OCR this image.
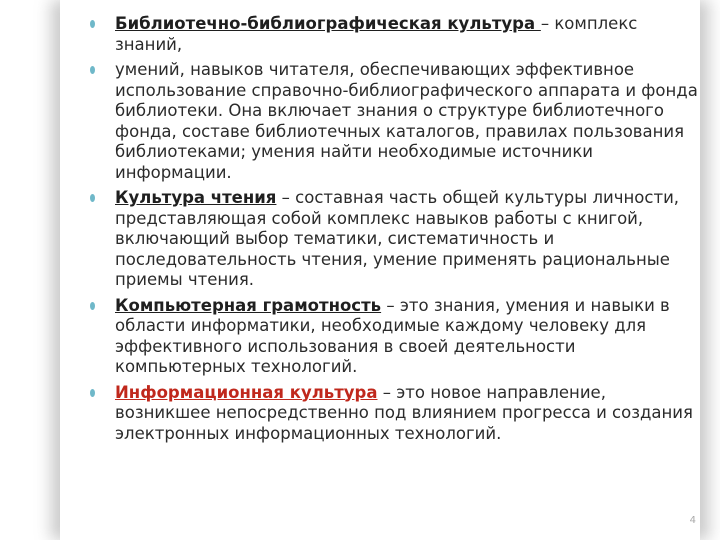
Библиотечно-библиографическая культура – комплекс знаний,
умений, навыков читателя, обеспечивающих эффективное использование справочно-библиографического аппарата и фонда библиотеки. Она включает знания о структуре библиотечного фонда, составе библиотечных каталогов, правилах пользования библиотеками; умения найти необходимые источники информации.
Культура чтения – составная часть общей культуры личности, представляющая собой комплекс навыков работы с книгой, включающий выбор тематики, систематичность и последовательность чтения, умение применять рациональные приемы чтения.
Компьютерная грамотность – это знания, умения и навыки в области информатики, необходимые каждому человеку для эффективного использования в своей деятельности компьютерных технологий.
Информационная культура – это новое направление, возникшее непосредственно под влиянием прогресса и создания электронных информационных технологий.
4
